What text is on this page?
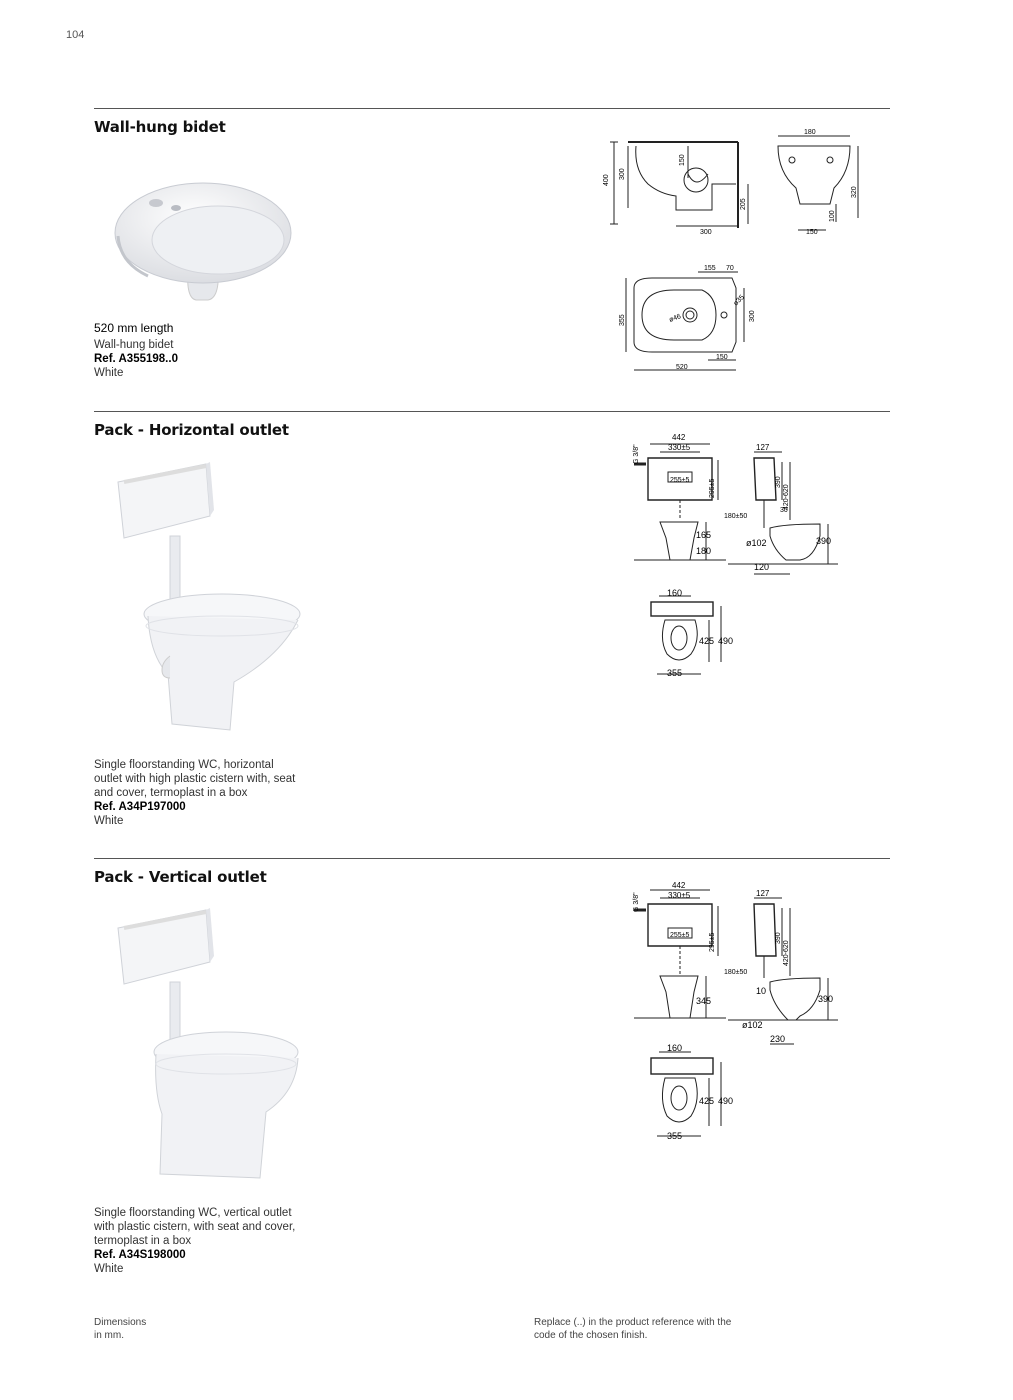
104
Wall-hung bidet
520 mm length
Wall-hung bidet
Ref. A355198..0
White
400
300
150
205
300
180
320
100
150
155 70
ø35
ø46
355	300
150
520
Pack - Horizontal outlet
Single floorstanding WC, horizontal
outlet with high plastic cistern with, seat
and cover, termoplast in a box
Ref. A34P197000
White
G 3/8"
442
330±5
255±5	295±5
165
180
127
390
420-620
180±50
30
ø102	390
120
160
425 490
355
Pack - Vertical outlet
Single floorstanding WC, vertical outlet
with plastic cistern, with seat and cover,
termoplast in a box
Ref. A34S198000
White
G 3/8"
442
330±5
255±5	295±5
345
127
390
420-620
180±50
10
390
ø102
230
160
425 490
355
Dimensions
in mm.
Replace (..) in the product reference with the
code of the chosen finish.
